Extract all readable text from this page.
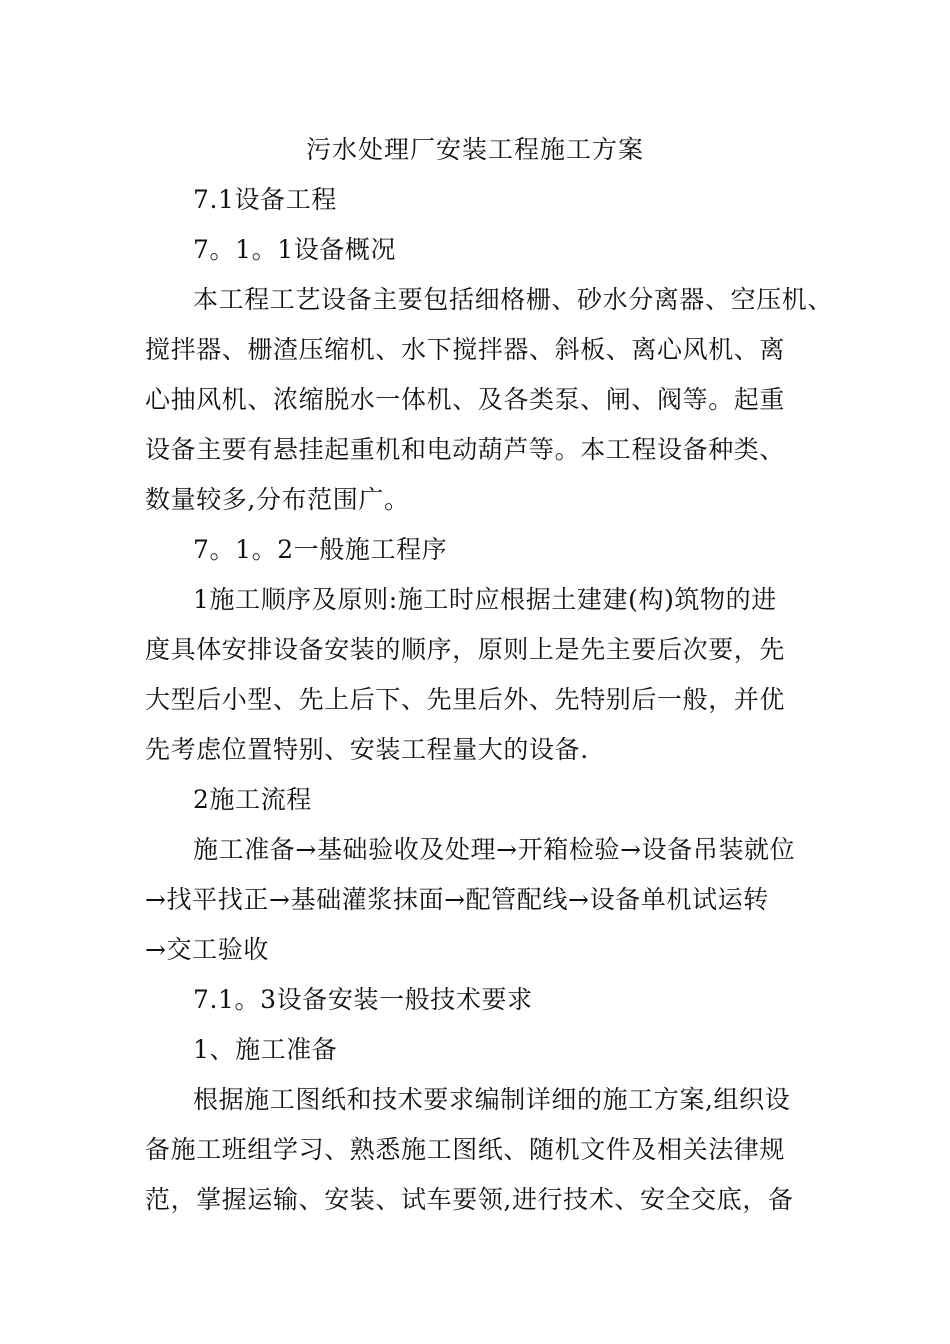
污水处理厂安装工程施工方案
7.1设备工程
7。1。1设备概况
本工程工艺设备主要包括细格栅、砂水分离器、空压机、
搅拌器、栅渣压缩机、水下搅拌器、斜板、离心风机、离
心抽风机、浓缩脱水一体机、及各类泵、闸、阀等。起重
设备主要有悬挂起重机和电动葫芦等。本工程设备种类、
数量较多,分布范围广。
7。1。2一般施工程序
1施工顺序及原则:施工时应根据土建建(构)筑物的进
度具体安排设备安装的顺序，原则上是先主要后次要，先
大型后小型、先上后下、先里后外、先特别后一般，并优
先考虑位置特别、安装工程量大的设备.
2施工流程
施工准备→基础验收及处理→开箱检验→设备吊装就位
→找平找正→基础灌浆抹面→配管配线→设备单机试运转
→交工验收
7.1。3设备安装一般技术要求
1、施工准备
根据施工图纸和技术要求编制详细的施工方案,组织设
备施工班组学习、熟悉施工图纸、随机文件及相关法律规
范，掌握运输、安装、试车要领,进行技术、安全交底，备
